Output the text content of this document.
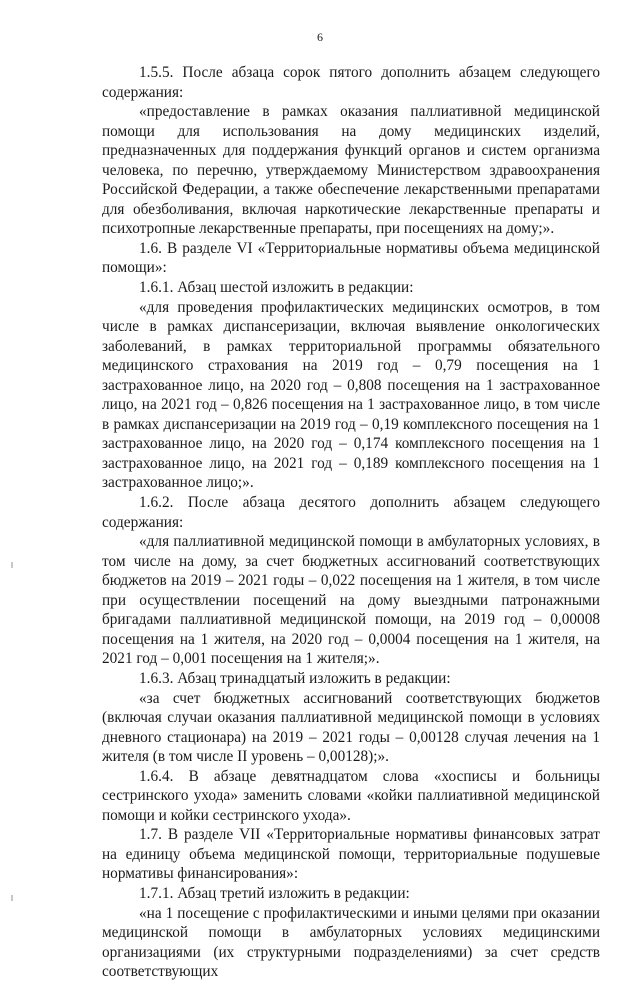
6

1.5.5. После абзаца сорок пятого дополнить абзацем следующего содержания:

«предоставление в рамках оказания паллиативной медицинской помощи для использования на дому медицинских изделий, предназначенных для поддержания функций органов и систем организма человека, по перечню, утверждаемому Министерством здравоохранения Российской Федерации, а также обеспечение лекарственными препаратами для обезболивания, включая наркотические лекарственные препараты и психотропные лекарственные препараты, при посещениях на дому;».

1.6. В разделе VI «Территориальные нормативы объема медицинской помощи»:

1.6.1. Абзац шестой изложить в редакции:

«для проведения профилактических медицинских осмотров, в том числе в рамках диспансеризации, включая выявление онкологических заболеваний, в рамках территориальной программы обязательного медицинского страхования на 2019 год – 0,79 посещения на 1 застрахованное лицо, на 2020 год – 0,808 посещения на 1 застрахованное лицо, на 2021 год – 0,826 посещения на 1 застрахованное лицо, в том числе в рамках диспансеризации на 2019 год – 0,19 комплексного посещения на 1 застрахованное лицо, на 2020 год – 0,174 комплексного посещения на 1 застрахованное лицо, на 2021 год – 0,189 комплексного посещения на 1 застрахованное лицо;».

1.6.2. После абзаца десятого дополнить абзацем следующего содержания:

«для паллиативной медицинской помощи в амбулаторных условиях, в том числе на дому, за счет бюджетных ассигнований соответствующих бюджетов на 2019 – 2021 годы – 0,022 посещения на 1 жителя, в том числе при осуществлении посещений на дому выездными патронажными бригадами паллиативной медицинской помощи, на 2019 год – 0,00008 посещения на 1 жителя, на 2020 год – 0,0004 посещения на 1 жителя, на 2021 год – 0,001 посещения на 1 жителя;».

1.6.3. Абзац тринадцатый изложить в редакции:

«за счет бюджетных ассигнований соответствующих бюджетов (включая случаи оказания паллиативной медицинской помощи в условиях дневного стационара) на 2019 – 2021 годы – 0,00128 случая лечения на 1 жителя (в том числе II уровень – 0,00128);».

1.6.4. В абзаце девятнадцатом слова «хосписы и больницы сестринского ухода» заменить словами «койки паллиативной медицинской помощи и койки сестринского ухода».

1.7. В разделе VII «Территориальные нормативы финансовых затрат на единицу объема медицинской помощи, территориальные подушевые нормативы финансирования»:

1.7.1. Абзац третий изложить в редакции:

«на 1 посещение с профилактическими и иными целями при оказании медицинской помощи в амбулаторных условиях медицинскими организациями (их структурными подразделениями) за счет средств соответствующих
